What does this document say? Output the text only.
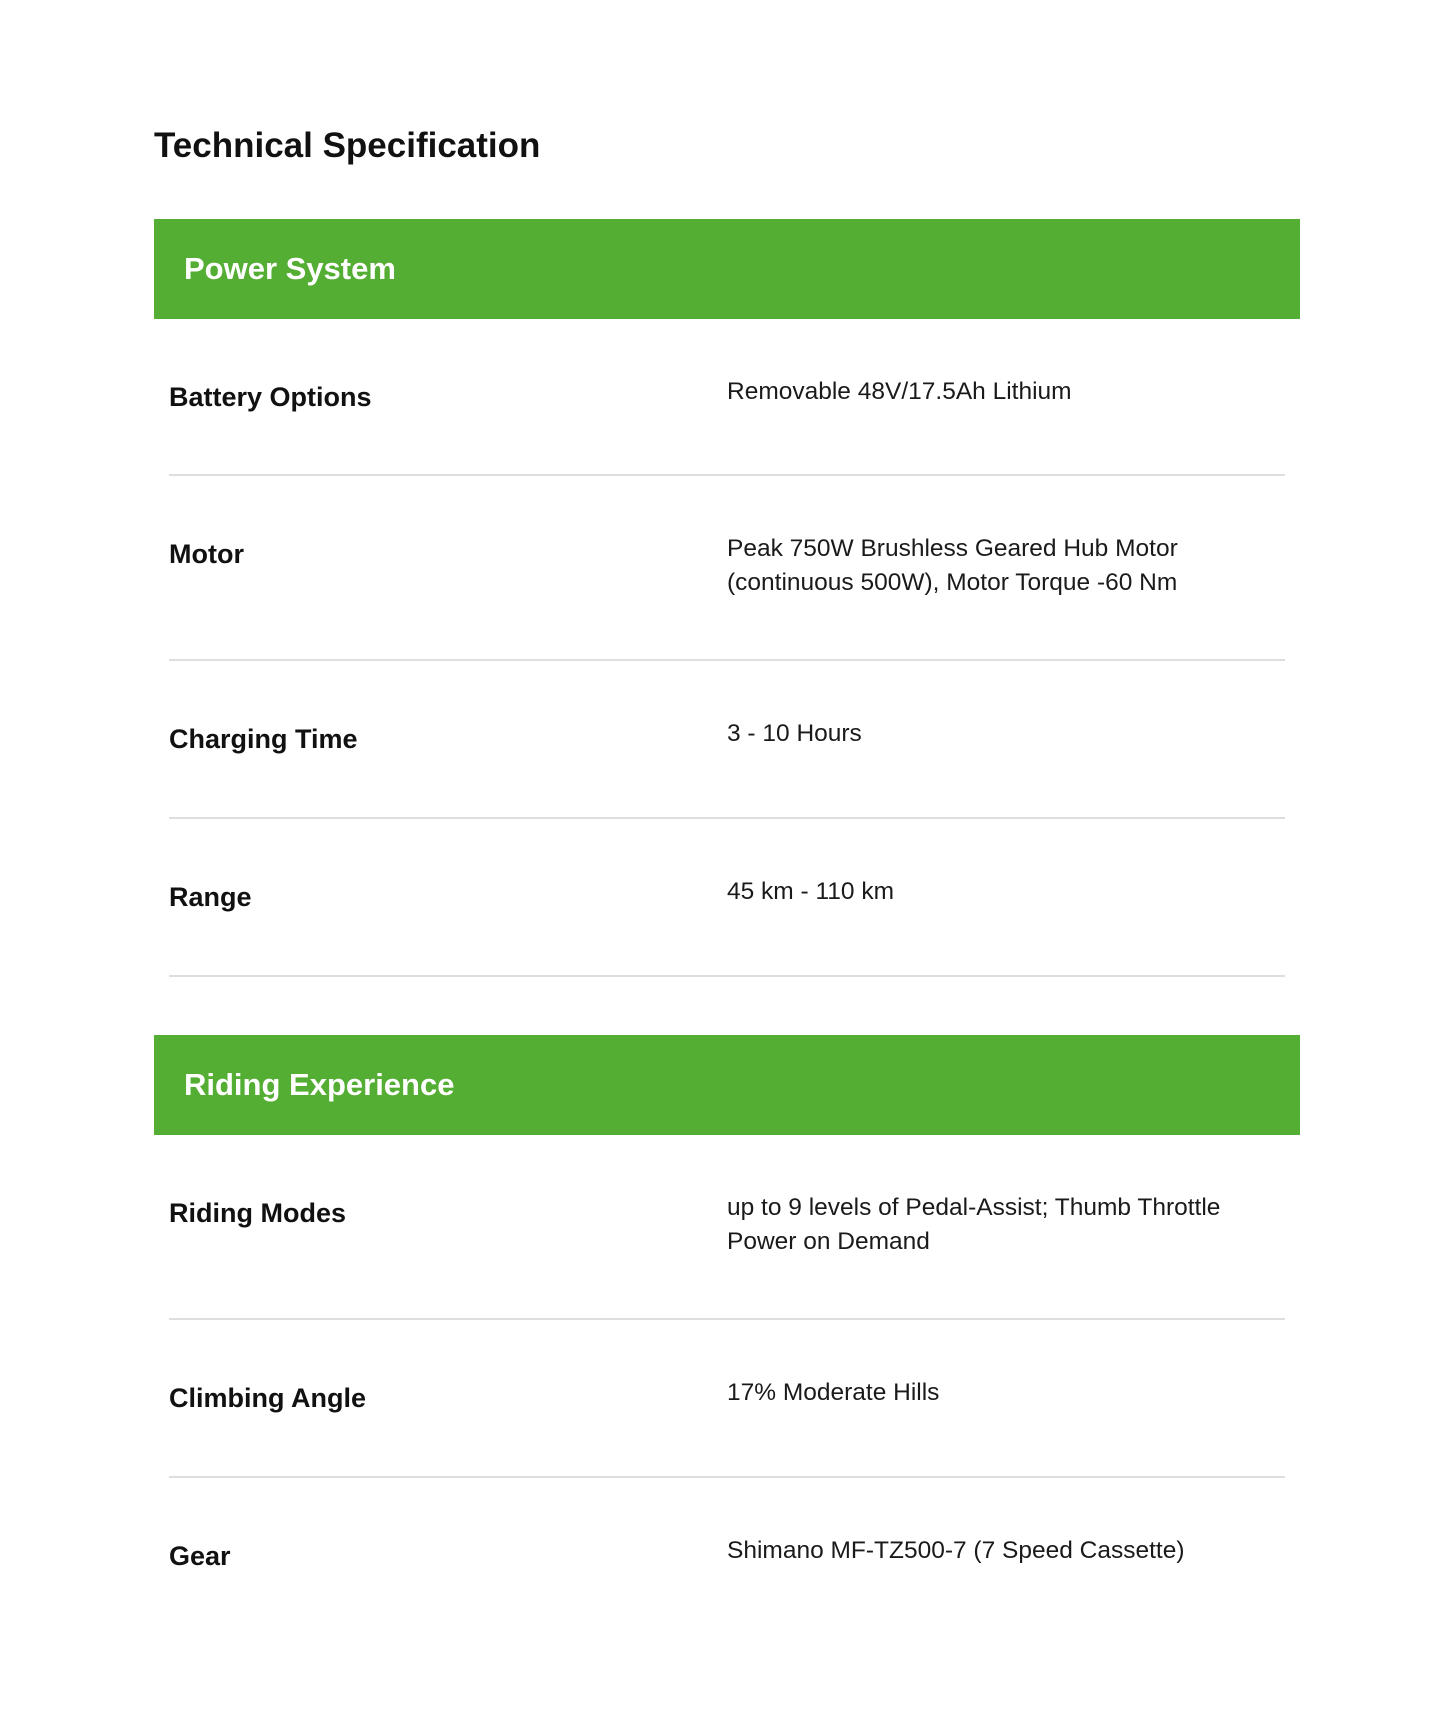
Technical Specification
Power System
Battery Options	Removable 48V/17.5Ah Lithium
Motor	Peak 750W Brushless Geared Hub Motor (continuous 500W), Motor Torque -60 Nm
Charging Time	3 - 10 Hours
Range	45 km - 110 km
Riding Experience
Riding Modes	up to 9 levels of Pedal-Assist; Thumb Throttle Power on Demand
Climbing Angle	17% Moderate Hills
Gear	Shimano MF-TZ500-7 (7 Speed Cassette)
